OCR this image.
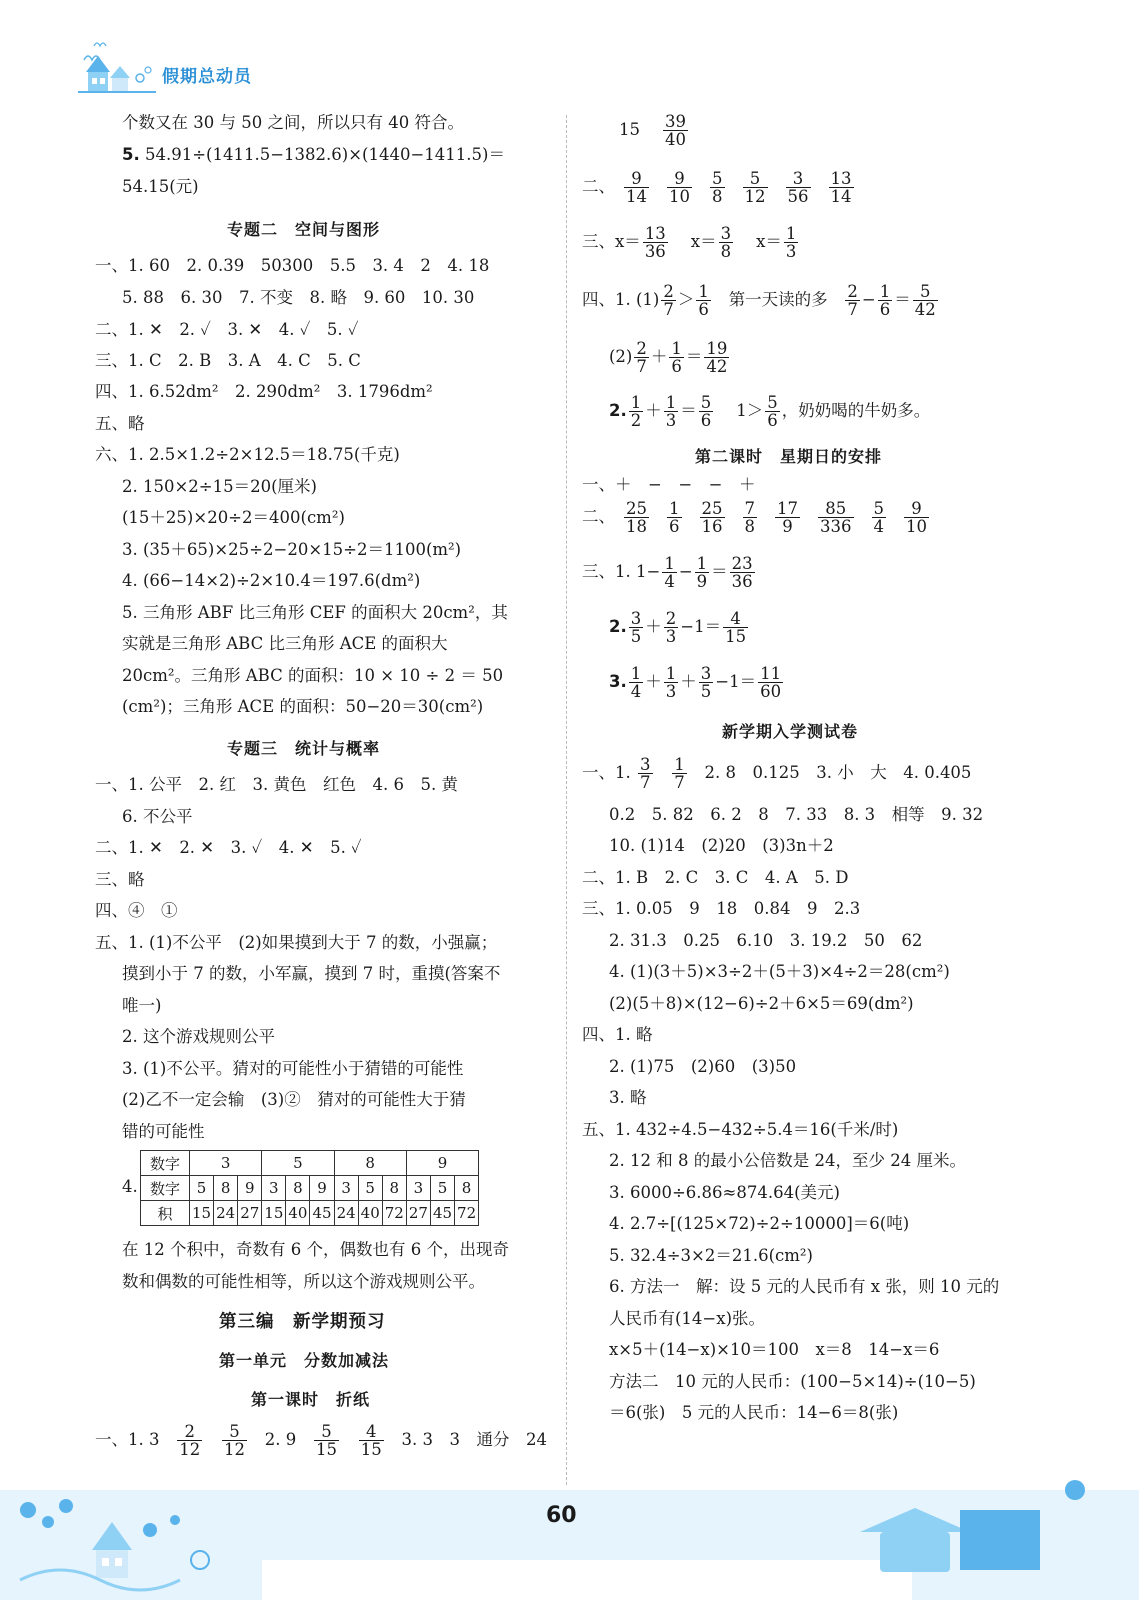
假期总动员
个数又在 30 与 50 之间，所以只有 40 符合。
5. 54.91÷(1411.5−1382.6)×(1440−1411.5)＝
54.15(元)
专题二　空间与图形
一、1. 60　2. 0.39　50300　5.5　3. 4　2　4. 18
5. 88　6. 30　7. 不变　8. 略　9. 60　10. 30
二、1. ✕　2. ✓　3. ✕　4. ✓　5. ✓
三、1. C　2. B　3. A　4. C　5. C
四、1. 6.52dm²　2. 290dm²　3. 1796dm²
五、略
六、1. 2.5×1.2÷2×12.5＝18.75(千克)
2. 150×2÷15＝20(厘米)
(15＋25)×20÷2＝400(cm²)
3. (35＋65)×25÷2−20×15÷2＝1100(m²)
4. (66−14×2)÷2×10.4＝197.6(dm²)
5. 三角形 ABF 比三角形 CEF 的面积大 20cm²，其
实就是三角形 ABC 比三角形 ACE 的面积大
20cm²。三角形 ABC 的面积：10 × 10 ÷ 2 ＝ 50
(cm²)；三角形 ACE 的面积：50−20＝30(cm²)
专题三　统计与概率
一、1. 公平　2. 红　3. 黄色　红色　4. 6　5. 黄
6. 不公平
二、1. ✕　2. ✕　3. ✓　4. ✕　5. ✓
三、略
四、④　①
五、1. (1)不公平　(2)如果摸到大于 7 的数，小强赢；
摸到小于 7 的数，小军赢，摸到 7 时，重摸(答案不
唯一)
2. 这个游戏规则公平
3. (1)不公平。猜对的可能性小于猜错的可能性
(2)乙不一定会输　(3)②　猜对的可能性大于猜
错的可能性
4.
数字	3			5			8			9		
数字	5	8	9	3	8	9	3	5	8	3	5	8
积	15	24	27	15	40	45	24	40	72	27	45	72
在 12 个积中，奇数有 6 个，偶数也有 6 个，出现奇
数和偶数的可能性相等，所以这个游戏规则公平。
第三编　新学期预习
第一单元　分数加减法
第一课时　折纸
一、1. $3 \frac{2}{12}$
$\frac{5}{12} 2$. $9 \frac{5}{15}$
$\frac{4}{15} 3$. 3　3　通分　24
$15 \frac{39}{40}$
二、 $\frac{9}{14} \frac{9}{10} \frac{5}{8} \frac{5}{12} \frac{3}{56} \frac{13}{14}$
三、$x= \frac{13}{36} x= \frac{3}{8} x= \frac{1}{3}$
四、1. $(1) \frac{2}{7} > \frac{1}{6}$ 第一天读的多 $\frac{2}{7} - \frac{1}{6} = \frac{5}{42}$
$(2) \frac{2}{7} + \frac{1}{6} = \frac{19}{42}$
2. $\frac{1}{2} + \frac{1}{3} = \frac{5}{6} 1> \frac{5}{6}$ ，奶奶喝的牛奶多。
第二课时　星期日的安排
一、＋　−　−　−　＋
二、 $\frac{25}{18} \frac{1}{6} \frac{25}{16} \frac{7}{8} \frac{17}{9} \frac{85}{336} \frac{5}{4} \frac{9}{10}$
三、1. $1- \frac{1}{4} - \frac{1}{9} = \frac{23}{36}$
2. $\frac{3}{5} + \frac{2}{3} -1= \frac{4}{15}$
3. $\frac{1}{4} + \frac{1}{3} + \frac{3}{5} -1= \frac{11}{60}$
新学期入学测试卷
一、1. $\frac{3}{7}$
$\frac{1}{7} 2$. 8　0.125　3. 小　大　4. 0.405
0.2　5. 82　6. 2　8　7. 33　8. 3　相等　9. 32
10. (1)14　(2)20　(3)3n＋2
二、1. B　2. C　3. C　4. A　5. D
三、1. 0.05　9　18　0.84　9　2.3
2. 31.3　0.25　6.10　3. 19.2　50　62
4. (1)(3＋5)×3÷2＋(5＋3)×4÷2＝28(cm²)
(2)(5＋8)×(12−6)÷2＋6×5＝69(dm²)
四、1. 略
2. (1)75　(2)60　(3)50
3. 略
五、1. 432÷4.5−432÷5.4＝16(千米/时)
2. 12 和 8 的最小公倍数是 24，至少 24 厘米。
3. 6000÷6.86≈874.64(美元)
4. 2.7÷[(125×72)÷2÷10000]＝6(吨)
5. 32.4÷3×2＝21.6(cm²)
6. 方法一　解：设 5 元的人民币有 x 张，则 10 元的
人民币有(14−x)张。
x×5＋(14−x)×10＝100　x＝8　14−x＝6
方法二　10 元的人民币：(100−5×14)÷(10−5)
＝6(张)　5 元的人民币：14−6＝8(张)
60
